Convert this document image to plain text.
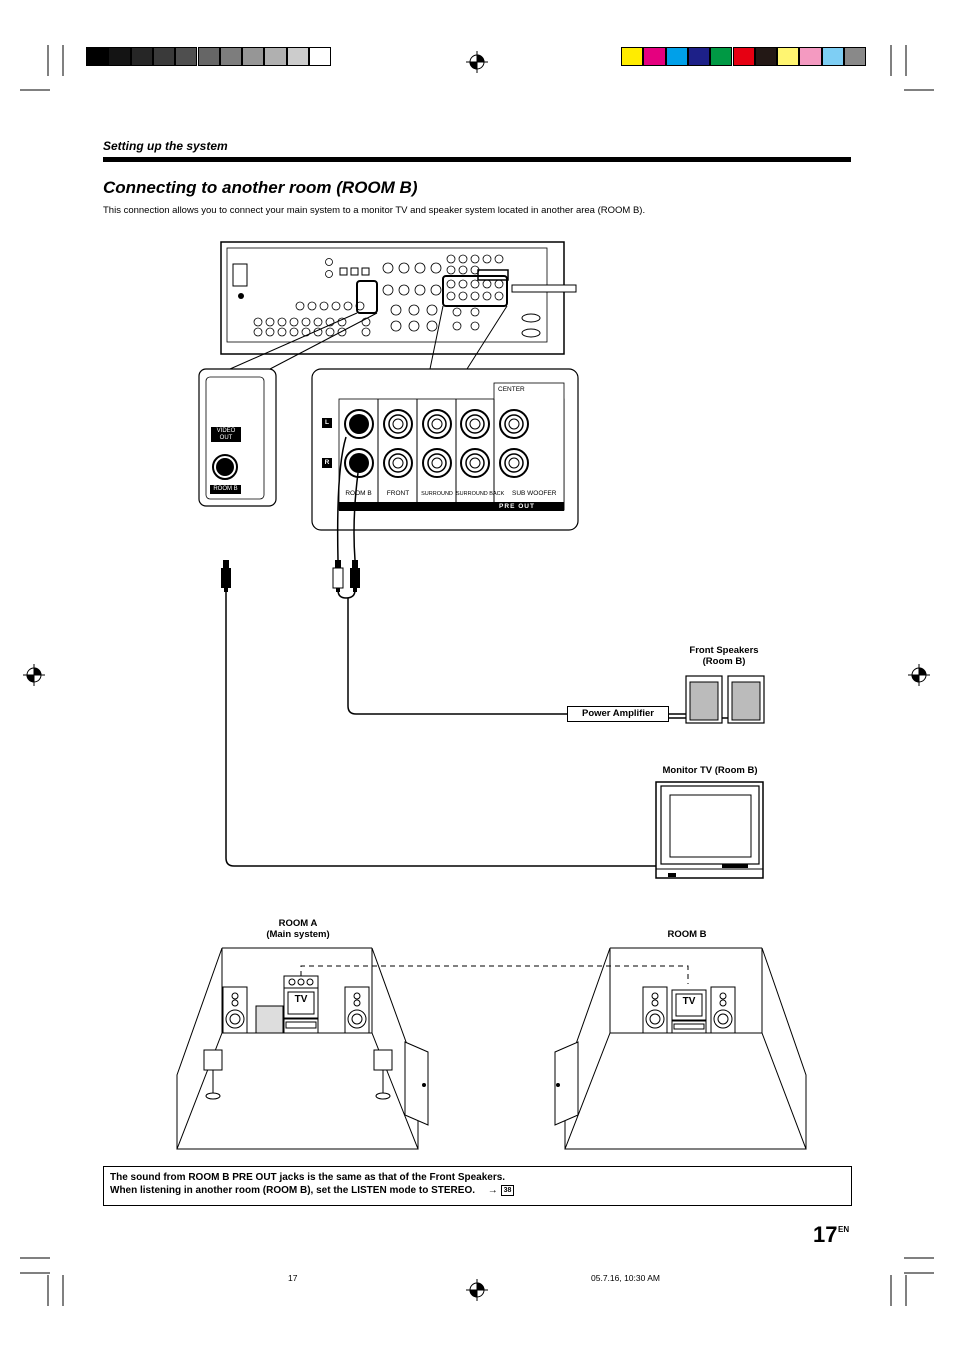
Setting up the system
Connecting to another room (ROOM B)
This connection allows you to connect your main system to a monitor TV and speaker system located in another area (ROOM B).
VIDEO
OUT
ROOM B
CENTER
L
R
ROOM B	FRONT	SURROUND SURROUND BACK	SUB WOOFER
PRE OUT
Front Speakers
(Room B)
Power Amplifier
Monitor TV (Room B)
ROOM A
(Main system)	ROOM B
TV	TV
The sound from ROOM B PRE OUT jacks is the same as that of the Front Speakers.
When listening in another room (ROOM B), set the LISTEN mode to STEREO. → 38
17 EN
17	05.7.16, 10:30 AM
